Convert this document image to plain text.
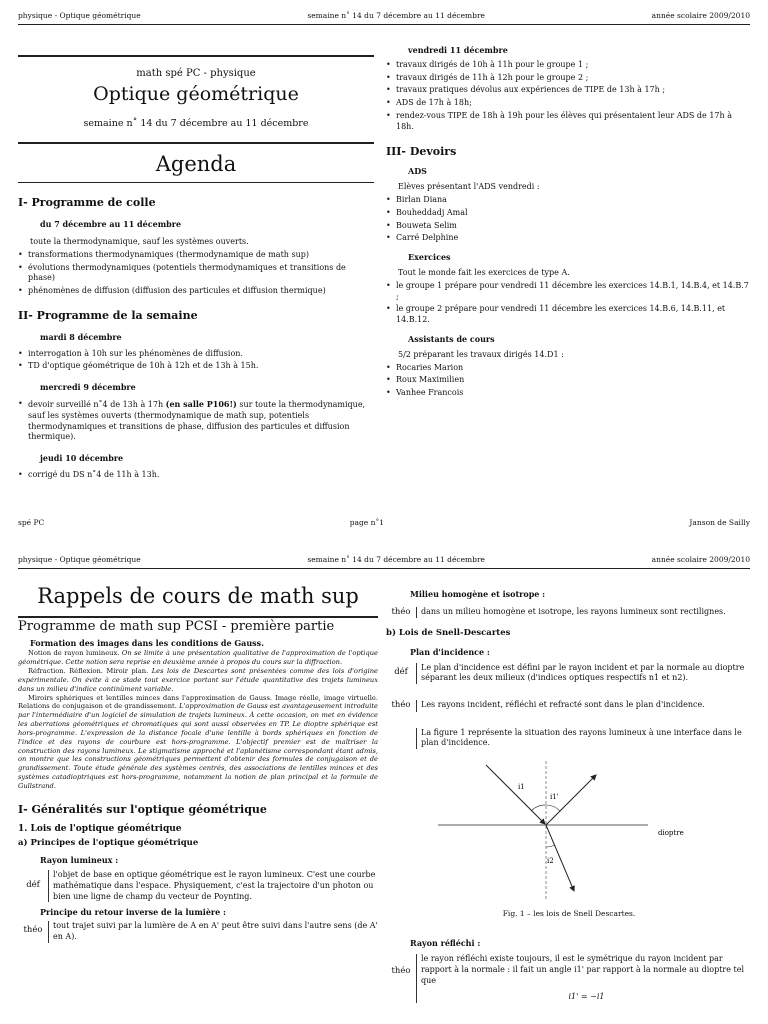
physique - Optique géométrique	semaine n˚ 14 du 7 décembre au 11 décembre	année scolaire 2009/2010
math spé PC - physique
Optique géométrique
semaine n˚ 14 du 7 décembre au 11 décembre
Agenda
I- Programme de colle
du 7 décembre au 11 décembre

toute la thermodynamique, sauf les systèmes ouverts.

• transformations thermodynamiques (thermodynamique de math sup)
• évolutions thermodynamiques (potentiels thermodynamiques et transitions de phase)
• phénomènes de diffusion (diffusion des particules et diffusion thermique)
II- Programme de la semaine
mardi 8 décembre
• interrogation à 10h sur les phénomènes de diffusion.
• TD d'optique géométrique de 10h à 12h et de 13h à 15h.
mercredi 9 décembre
• devoir surveillé n˚4 de 13h à 17h (en salle P106!) sur toute la thermodynamique, sauf les systèmes ouverts (thermodynamique de math sup, potentiels thermodynamiques et transitions de phase, diffusion des particules et diffusion thermique).
jeudi 10 décembre
• corrigé du DS n˚4 de 11h à 13h.
vendredi 11 décembre
• travaux dirigés de 10h à 11h pour le groupe 1 ;
• travaux dirigés de 11h à 12h pour le groupe 2 ;
• travaux pratiques dévolus aux expériences de TIPE de 13h à 17h ;
• ADS de 17h à 18h;
• rendez-vous TIPE de 18h à 19h pour les élèves qui présentaient leur ADS de 17h à 18h.
III- Devoirs
ADS

Elèves présentant l'ADS vendredi :

• Birlan Diana
• Bouheddadj Amal
• Bouweta Selim
• Carré Delphine
Exercices

Tout le monde fait les exercices de type A.

• le groupe 1 prépare pour vendredi 11 décembre les exercices 14.B.1, 14.B.4, et 14.B.7 ;
• le groupe 2 prépare pour vendredi 11 décembre les exercices 14.B.6, 14.B.11, et 14.B.12.
Assistants de cours

5/2 préparant les travaux dirigés 14.D1 :

• Rocaries Marion
• Roux Maximilien
• Vanhee Francois
spé PC	page n˚1	Janson de Sailly
physique - Optique géométrique	semaine n˚ 14 du 7 décembre au 11 décembre	année scolaire 2009/2010
Rappels de cours de math sup
Programme de math sup PCSI - première partie
Formation des images dans les conditions de Gauss.

Notion de rayon lumineux. On se limite à une présentation qualitative de l'approximation de l'optique géométrique. Cette notion sera reprise en deuxième année à propos du cours sur la diffraction.

Réfraction. Réflexion. Miroir plan. Les lois de Descartes sont présentées comme des lois d'origine expérimentale. On évite à ce stade tout exercice portant sur l'étude quantitative des trajets lumineux dans un milieu d'indice continûment variable.

Miroirs sphériques et lentilles minces dans l'approximation de Gauss. Image réelle, image virtuelle. Relations de conjugaison et de grandissement. L'approximation de Gauss est avantageusement introduite par l'intermédiaire d'un logiciel de simulation de trajets lumineux. À cette occasion, on met en évidence les aberrations géométriques et chromatiques qui sont aussi observées en TP. Le dioptre sphérique est hors-programme. L'expression de la distance focale d'une lentille à bords sphériques en fonction de l'indice et des rayons de courbure est hors-programme. L'objectif premier est de maîtriser la construction des rayons lumineux. Le stigmatisme approché et l'aplanétisme correspondant étant admis, on montre que les constructions géométriques permettent d'obtenir des formules de conjugaison et de grandissement. Toute étude générale des systèmes centrés, des associations de lentilles minces et des systèmes catadioptriques est hors-programme, notamment la notion de plan principal et la formule de Gullstrand.

I- Généralités sur l'optique géométrique
1. Lois de l'optique géométrique
a) Principes de l'optique géométrique
Rayon lumineux :
déf
l'objet de base en optique géométrique est le rayon lumineux. C'est une courbe mathématique dans l'espace. Physiquement, c'est la trajectoire d'un photon ou bien une ligne de champ du vecteur de Poynting.
Principe du retour inverse de la lumière :
théo	tout trajet suivi par la lumière de A en A' peut être suivi dans l'autre sens (de A' en A).
Milieu homogène et isotrope :
théo	dans un milieu homogène et isotrope, les rayons lumineux sont rectilignes.
b) Lois de Snell-Descartes
Plan d'incidence :
déf	Le plan d'incidence est défini par le rayon incident et par la normale au dioptre séparant les deux milieux (d'indices optiques respectifs n1 et n2).
théo	Les rayons incident, réfléchi et refracté sont dans le plan d'incidence.
La figure 1 représente la situation des rayons lumineux à une interface dans le plan d'incidence.
i1
i1'
i2
dioptre
Fig. 1 – les lois de Snell Descartes.
Rayon réfléchi :
théo
le rayon réfléchi existe toujours, il est le symétrique du rayon incident par rapport à la normale : il fait un angle i1' par rapport à la normale au dioptre tel que
i1' = −i1
